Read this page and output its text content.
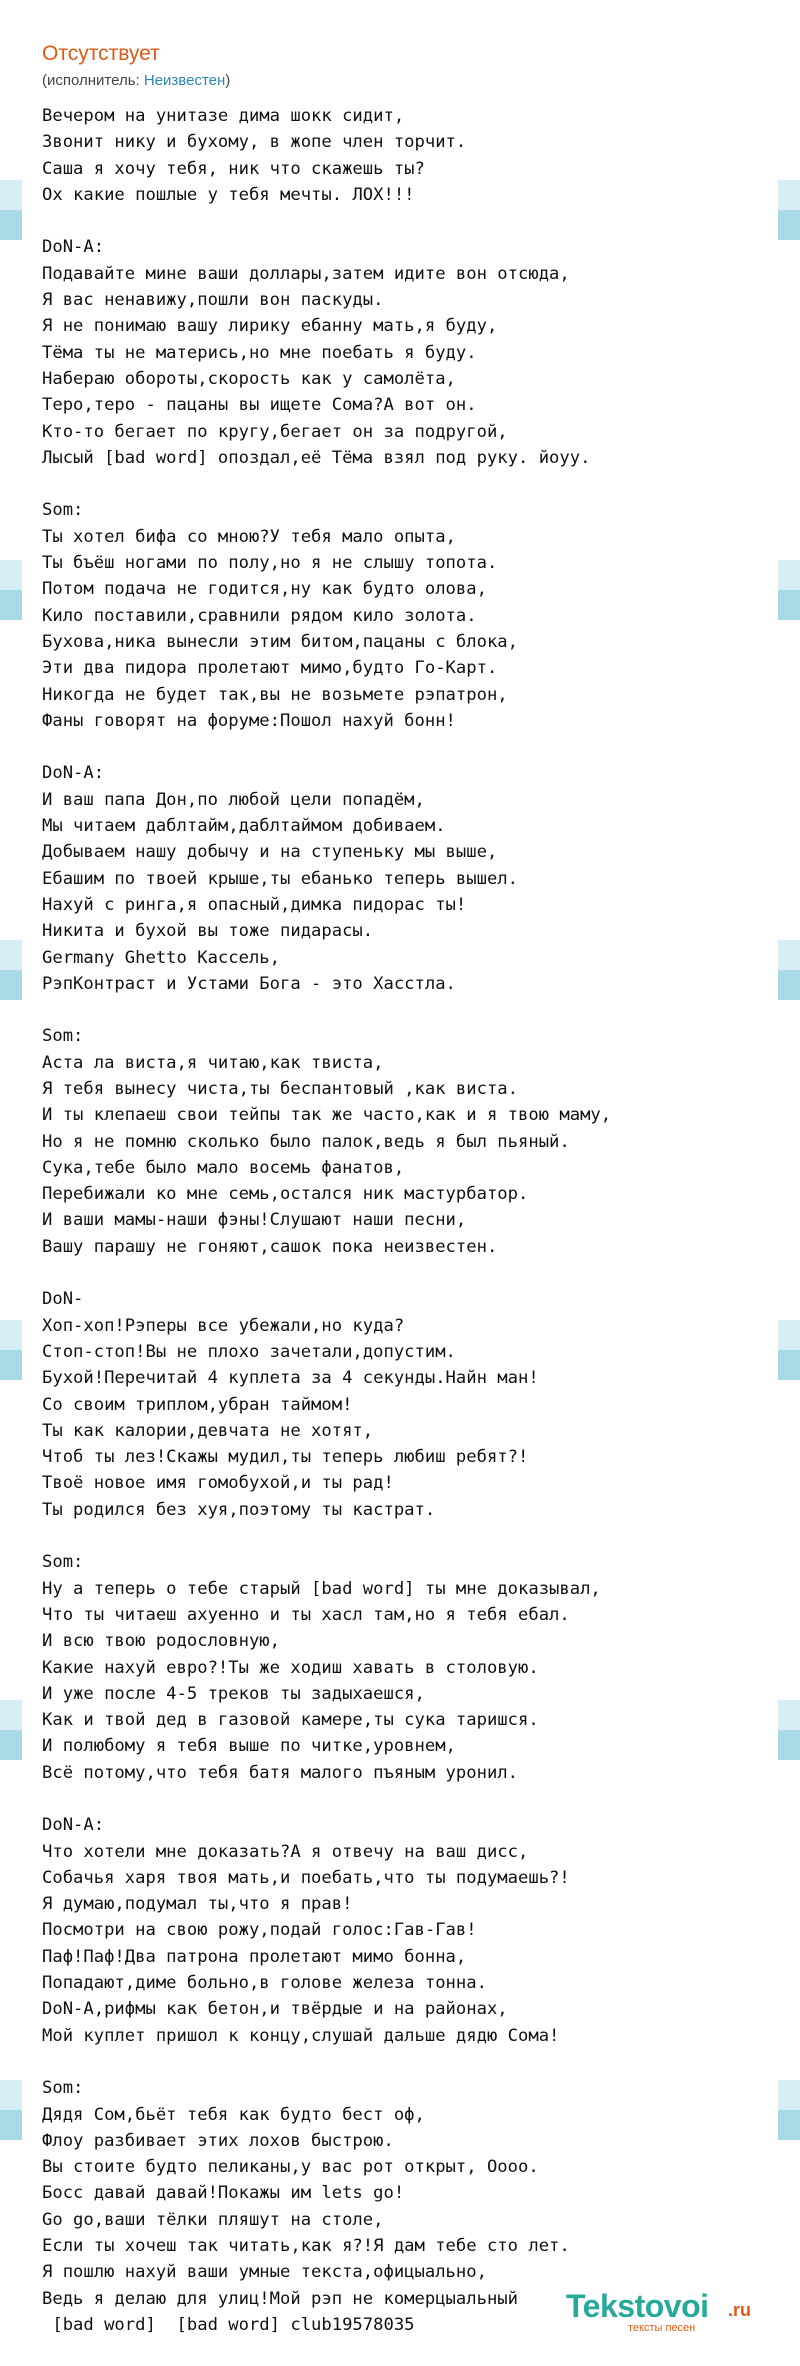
Отсутствует
(исполнитель: Неизвестен)
Вечером на унитазе дима шокк сидит,
Звонит нику и бухому, в жопе член торчит.
Саша я хочу тебя, ник что скажешь ты?
Ох какие пошлые у тебя мечты. ЛОХ!!!

DoN-A:
Подавайте мине ваши доллары,затем идите вон отсюда,
Я вас ненавижу,пошли вон паскуды.
Я не понимаю вашу лирику ебанну мать,я буду,
Тёма ты не матерись,но мне поебать я буду.
Набераю обороты,скорость как у самолёта,
Теро,теро - пацаны вы ищете Сома?А вот он.
Кто-то бегает по кругу,бегает он за подругой,
Лысый [bad word] опоздал,её Тёма взял под руку. йоуу.

Som:
Ты хотел бифа со мною?У тебя мало опыта,
Ты бъёш ногами по полу,но я не слышу топота.
Потом подача не годится,ну как будто олова,
Кило поставили,сравнили рядом кило золота.
Бухова,ника вынесли этим битом,пацаны с блока,
Эти два пидора пролетают мимо,будто Го-Карт.
Никогда не будет так,вы не возьмете рэпатрон,
Фаны говорят на форуме:Пошол нахуй бонн!

DoN-A:
И ваш папа Дон,по любой цели попадём,
Мы читаем даблтайм,даблтаймом добиваем.
Добываем нашу добычу и на ступеньку мы выше,
Ебашим по твоей крыше,ты ебанько теперь вышел.
Нахуй с ринга,я опасный,димка пидорас ты!
Никита и бухой вы тоже пидарасы.
Germany Ghetto Кассель,
РэпКонтраст и Устами Бога - это Хасстла.

Som:
Аста ла виста,я читаю,как твиста,
Я тебя вынесу чиста,ты беспантовый ,как виста.
И ты клепаеш свои тейпы так же часто,как и я твою маму,
Но я не помню сколько было палок,ведь я был пьяный.
Сука,тебе было мало восемь фанатов,
Перебижали ко мне семь,остался ник мастурбатор.
И ваши мамы-наши фэны!Слушают наши песни,
Вашу парашу не гоняют,сашок пока неизвестен.

DoN-
Хоп-хоп!Рэперы все убежали,но куда?
Стоп-стоп!Вы не плохо зачетали,допустим.
Бухой!Перечитай 4 куплета за 4 секунды.Найн ман!
Со своим триплом,убран таймом!
Ты как калории,девчата не хотят,
Чтоб ты лез!Скажы мудил,ты теперь любиш ребят?!
Твоё новое имя гомобухой,и ты рад!
Ты родился без хуя,поэтому ты кастрат.

Som:
Ну а теперь о тебе старый [bad word] ты мне доказывал,
Что ты читаеш ахуенно и ты хасл там,но я тебя ебал.
И всю твою родословную,
Какие нахуй евро?!Ты же ходиш хавать в столовую.
И уже после 4-5 треков ты задыхаешся,
Как и твой дед в газовой камере,ты сука таришся.
И полюбому я тебя выше по читке,уровнем,
Всё потому,что тебя батя малого пъяным уронил.

DoN-A:
Что хотели мне доказать?А я отвечу на ваш дисс,
Собачья харя твоя мать,и поебать,что ты подумаешь?!
Я думаю,подумал ты,что я прав!
Посмотри на свою рожу,подай голос:Гав-Гав!
Паф!Паф!Два патрона пролетают мимо бонна,
Попадают,диме больно,в голове железа тонна.
DoN-A,рифмы как бетон,и твёрдые и на районах,
Мой куплет пришол к концу,слушай дальше дядю Сома!

Som:
Дядя Сом,бьёт тебя как будто бест оф,
Флоу разбивает этих лохов быстрою.
Вы стоите будто пеликаны,у вас рот открыт, Оооо.
Босс давай давай!Покажы им lets go!
Go go,ваши тёлки пляшут на столе,
Если ты хочеш так читать,как я?!Я дам тебе сто лет.
Я пошлю нахуй ваши умные текста,офицыально,
Ведь я делаю для улиц!Мой рэп не комерцыальный
[bad word]  [bad word] club19578035
Tekstovoi .ru
тексты песен
